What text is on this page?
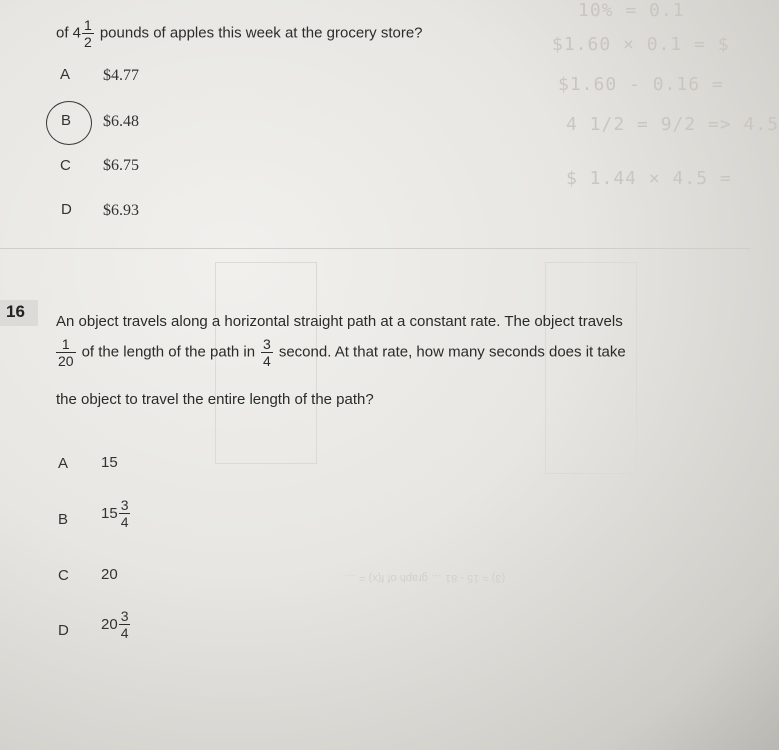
(3) = 15 - 81 … graph of f(x) = …
of $4 \frac{1}{2}$ pounds of apples this week at the grocery store?
A $4.77
B $6.48
C $6.75
D $6.93
10% = 0.1
$1.60 × 0.1 = $
$1.60 - 0.16 =
4 1/2 = 9/2 => 4.5
$ 1.44 × 4.5 =
16
An object travels along a horizontal straight path at a constant rate. The object travels
$\frac{1}{20}$ of the length of the path in $\frac{3}{4}$ second. At that rate, how many seconds does it take
the object to travel the entire length of the path?
A 15
B $15 \frac{3}{4}$
C 20
D $20 \frac{3}{4}$
